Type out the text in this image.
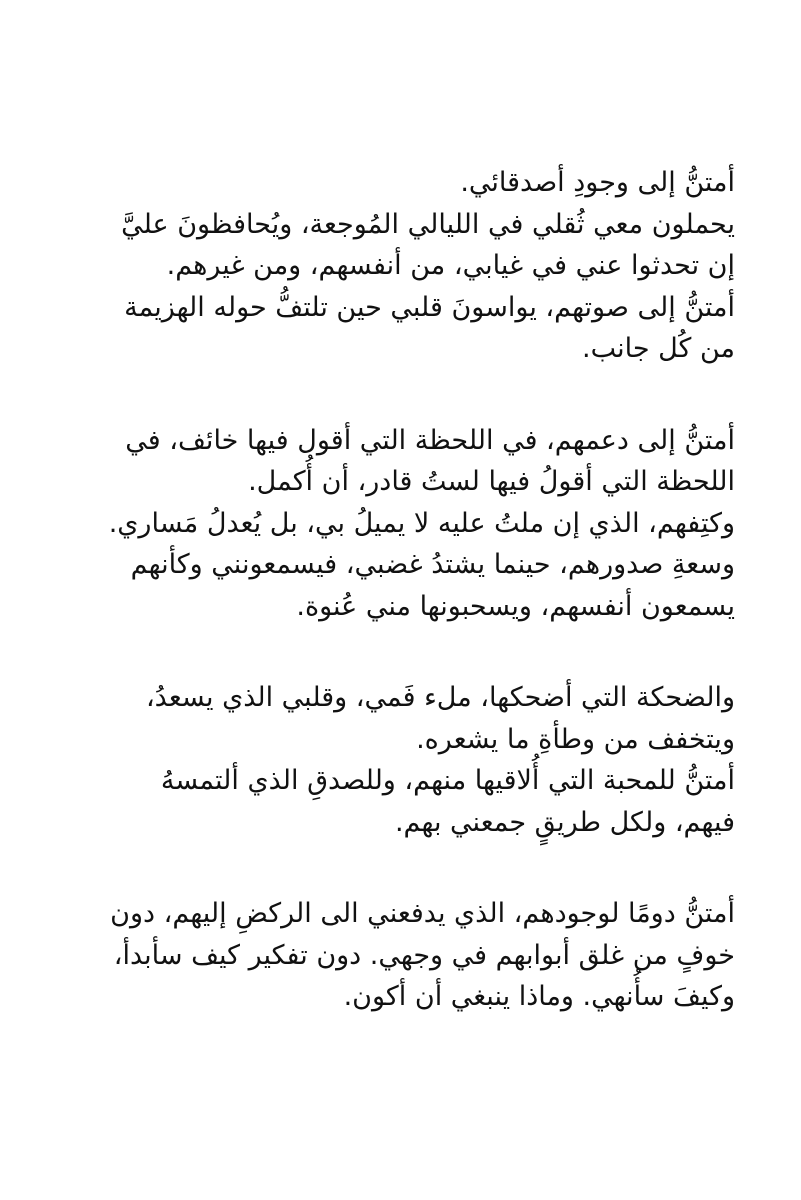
أمتنُّ إلى وجودِ أصدقائي.
يحملون معي ثُقلي في الليالي المُوجعة، ويُحافظونَ عليَّ
إن تحدثوا عني في غيابي، من أنفسهم، ومن غيرهم.
أمتنُّ إلى صوتهم، يواسونَ قلبي حين تلتفُّ حوله الهزيمة
من كُل جانب.
أمتنُّ إلى دعمهم، في اللحظة التي أقول فيها خائف، في
اللحظة التي أقولُ فيها لستُ قادر، أن أُكمل.
وكتِفهم، الذي إن ملتُ عليه لا يميلُ بي، بل يُعدلُ مَساري.
وسعةِ صدورهم، حينما يشتدُ غضبي، فيسمعونني وكأنهم
يسمعون أنفسهم، ويسحبونها مني عُنوة.
والضحكة التي أضحكها، ملء فَمي، وقلبي الذي يسعدُ،
ويتخفف من وطأةِ ما يشعره.
أمتنُّ للمحبة التي أُلاقيها منهم، وللصدقِ الذي ألتمسهُ
فيهم، ولكل طريقٍ جمعني بهم.
أمتنُّ دومًا لوجودهم، الذي يدفعني الى الركضِ إليهم، دون
خوفٍ من غلق أبوابهم في وجهي. دون تفكير كيف سأبدأ،
وكيفَ سأُنهي. وماذا ينبغي أن أكون.
